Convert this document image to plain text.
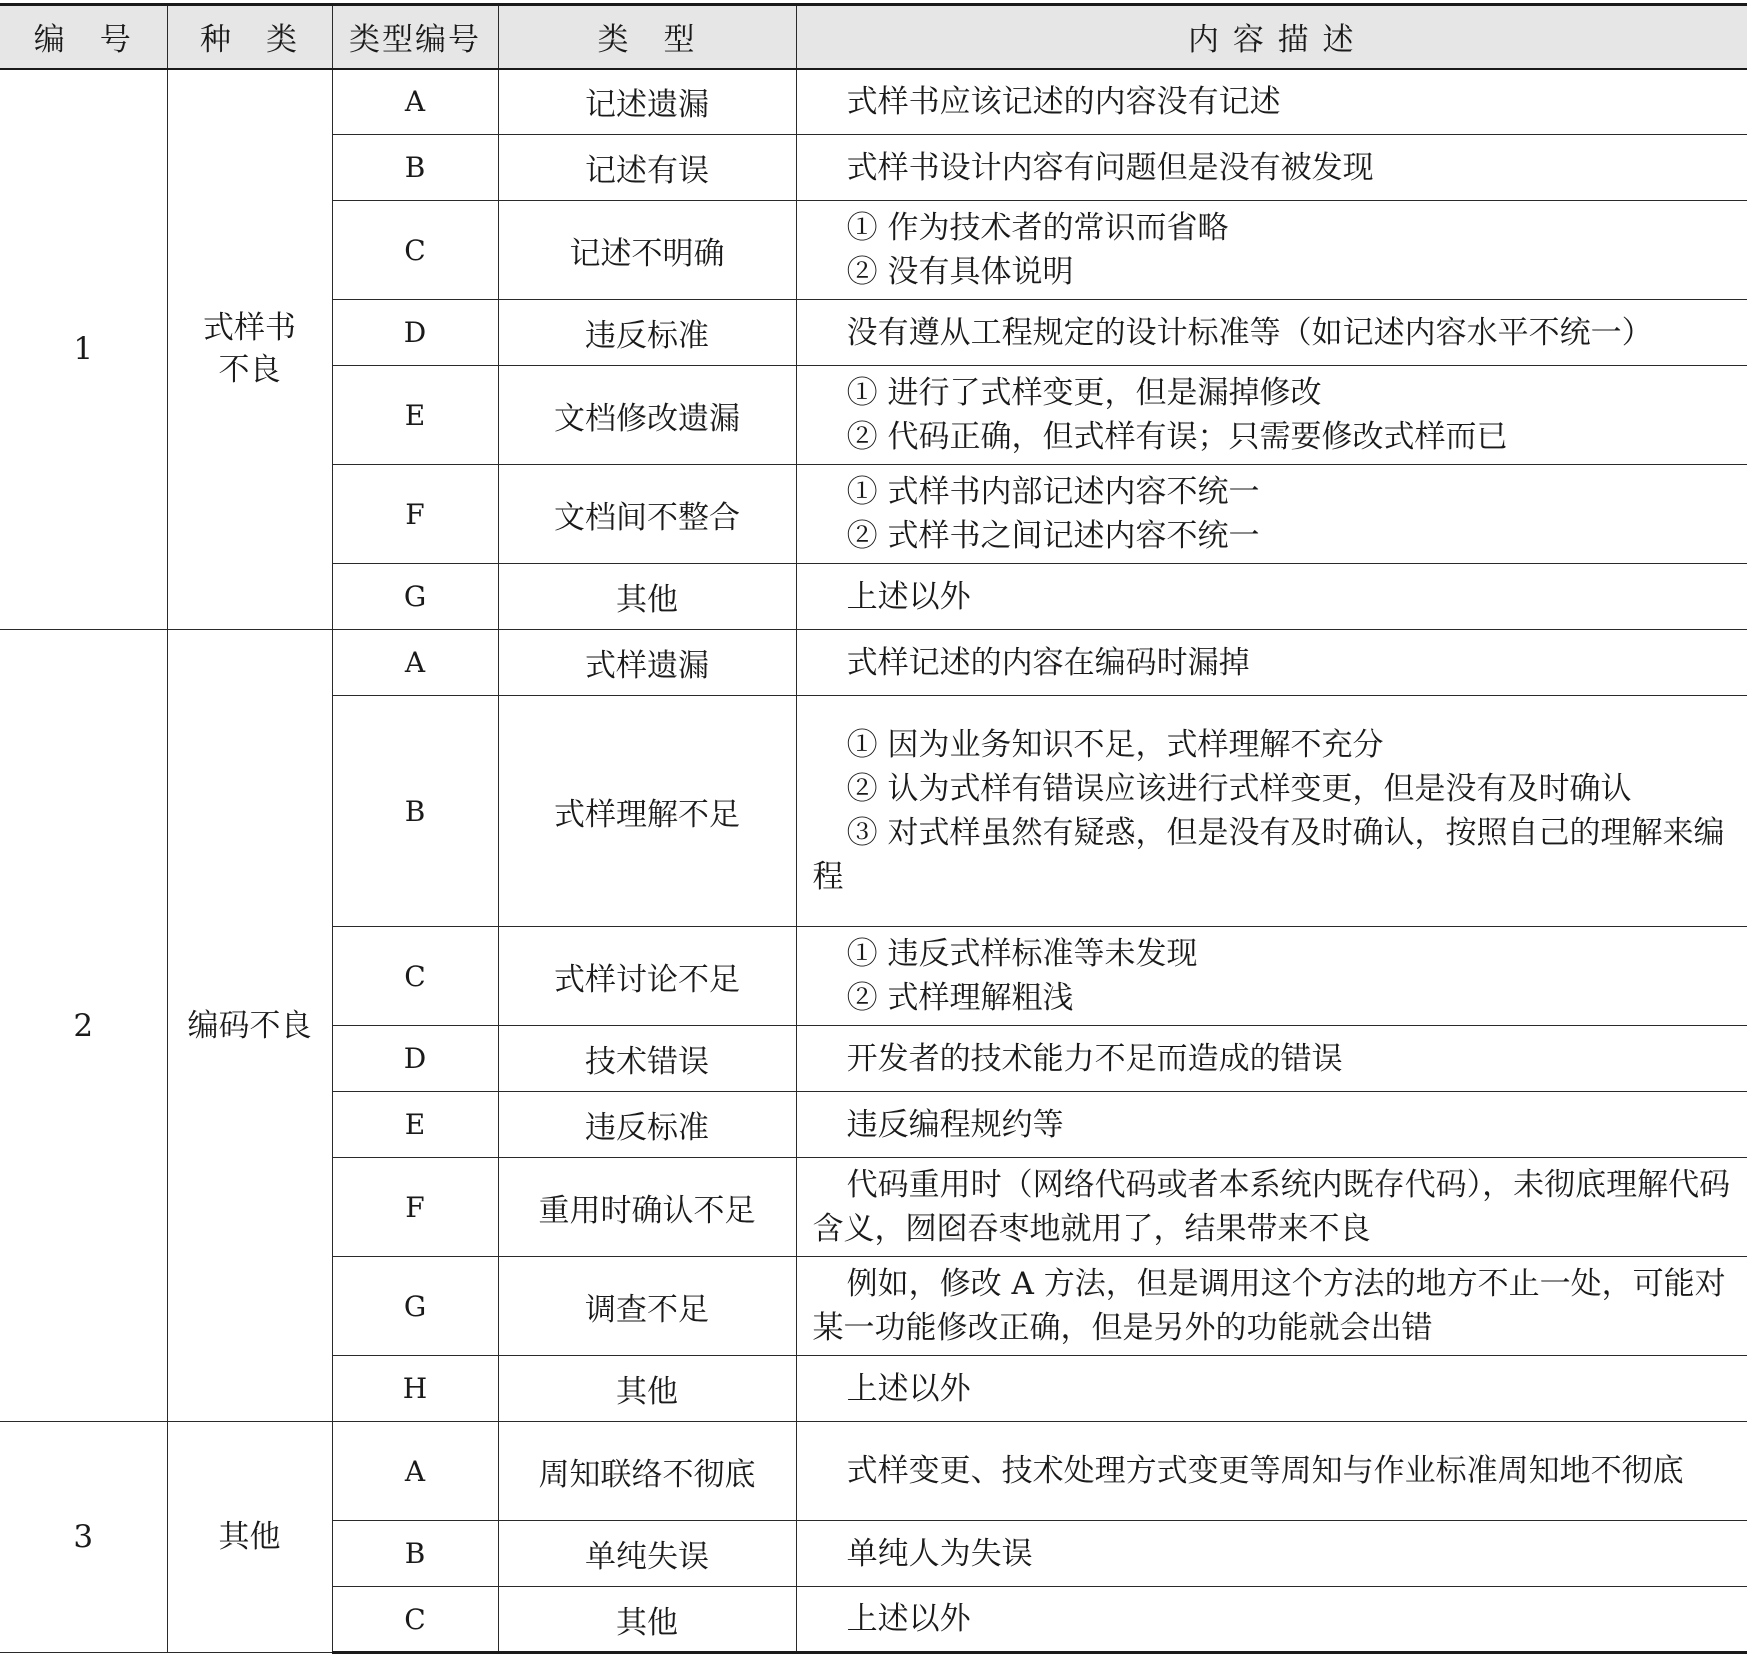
编　号	种　类	类型编号	类　型	内 容 描 述
1	式样书不良	A	记述遗漏	式样书应该记述的内容没有记述

		B	记述有误	式样书设计内容有问题但是没有被发现

		C	记述不明确	① 作为技术者的常识而省略
② 没有具体说明

		D	违反标准	没有遵从工程规定的设计标准等（如记述内容水平不统一）

		E	文档修改遗漏	① 进行了式样变更，但是漏掉修改
② 代码正确，但式样有误；只需要修改式样而已

		F	文档间不整合	① 式样书内部记述内容不统一
② 式样书之间记述内容不统一

		G	其他	上述以外

2	编码不良	A	式样遗漏	式样记述的内容在编码时漏掉

		B	式样理解不足	① 因为业务知识不足，式样理解不充分
② 认为式样有错误应该进行式样变更，但是没有及时确认
③ 对式样虽然有疑惑，但是没有及时确认，按照自己的理解来编程

		C	式样讨论不足	① 违反式样标准等未发现
② 式样理解粗浅

		D	技术错误	开发者的技术能力不足而造成的错误

		E	违反标准	违反编程规约等

		F	重用时确认不足	代码重用时（网络代码或者本系统内既存代码），未彻底理解代码含义，囫囵吞枣地就用了，结果带来不良

		G	调查不足	例如，修改 A 方法，但是调用这个方法的地方不止一处，可能对某一功能修改正确，但是另外的功能就会出错

		H	其他	上述以外

3	其他	A	周知联络不彻底	式样变更、技术处理方式变更等周知与作业标准周知地不彻底

		B	单纯失误	单纯人为失误

		C	其他	上述以外
